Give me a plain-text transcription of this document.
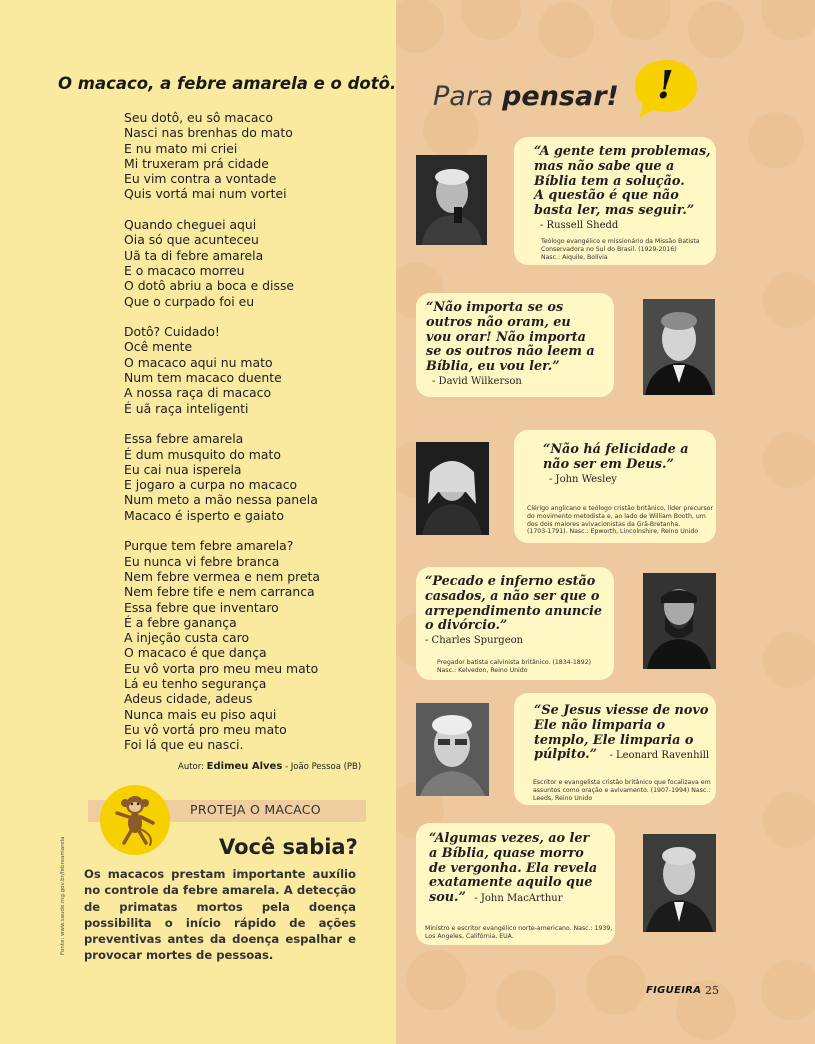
O macaco, a febre amarela e o dotô.
Seu dotô, eu sô macaco
Nasci nas brenhas do mato
E nu mato mi criei
Mi truxeram prá cidade
Eu vim contra a vontade
Quis vortá mai num vortei
Quando cheguei aqui
Oia só que acunteceu
Uã ta di febre amarela
E o macaco morreu
O dotô abriu a boca e disse
Que o curpado foi eu
Dotô? Cuidado!
Ocê mente
O macaco aqui nu mato
Num tem macaco duente
A nossa raça di macaco
É uã raça inteligenti
Essa febre amarela
É dum musquito do mato
Eu cai nua isperela
E jogaro a curpa no macaco
Num meto a mão nessa panela
Macaco é isperto e gaiato
Purque tem febre amarela?
Eu nunca vi febre branca
Nem febre vermea e nem preta
Nem febre tife e nem carranca
Essa febre que inventaro
É a febre ganança
A injeção custa caro
O macaco é que dança
Eu vô vorta pro meu meu mato
Lá eu tenho segurança
Adeus cidade, adeus
Nunca mais eu piso aqui
Eu vô vortá pro meu mato
Foi lá que eu nasci.
Autor: Edimeu Alves - João Pessoa (PB)
PROTEJA O MACACO
Você sabia?
Os macacos prestam importante auxílio no controle da febre amarela. A detecção de primatas mortos pela doença possibilita o início rápido de ações preventivas antes da doença espalhar e provocar mortes de pessoas.
Fonte: www.saude.mg.gov.br/febreamarela
Para pensar! !
“A gente tem problemas,
mas não sabe que a
Bíblia tem a solução.
A questão é que não
basta ler, mas seguir.”
- Russell Shedd
Teólogo evangélico e missionário da Missão Batista
Conservadora no Sul do Brasil. (1929-2016)
Nasc.: Aiquile, Bolívia
“Não importa se os
outros não oram, eu
vou orar! Não importa
se os outros não leem a
Bíblia, eu vou ler.”
- David Wilkerson
“Não há felicidade a
não ser em Deus.”
- John Wesley
Clérigo anglicano e teólogo cristão britânico, líder precursor
do movimento metodista e, ao lado de William Booth, um
dos dois maiores avivacionistas da Grã-Bretanha.
(1703-1791). Nasc.: Epworth, Lincolnshire, Reino Unido
“Pecado e inferno estão
casados, a não ser que o
arrependimento anuncie
o divórcio.”
- Charles Spurgeon
Pregador batista calvinista britânico. (1834-1892)
Nasc.: Kelvedon, Reino Unido
“Se Jesus viesse de novo
Ele não limparia o
templo, Ele limparia o
púlpito.” - Leonard Ravenhill
Escritor e evangelista cristão britânico que focalizava em
assuntos como oração e avivamento. (1907-1994) Nasc.:
Leeds, Reino Unido
“Algumas vezes, ao ler
a Bíblia, quase morro
de vergonha. Ela revela
exatamente aquilo que
sou.” - John MacArthur
Ministro e escritor evangélico norte-americano. Nasc.: 1939,
Los Angeles, Califórnia, EUA.
FIGUEIRA 25
